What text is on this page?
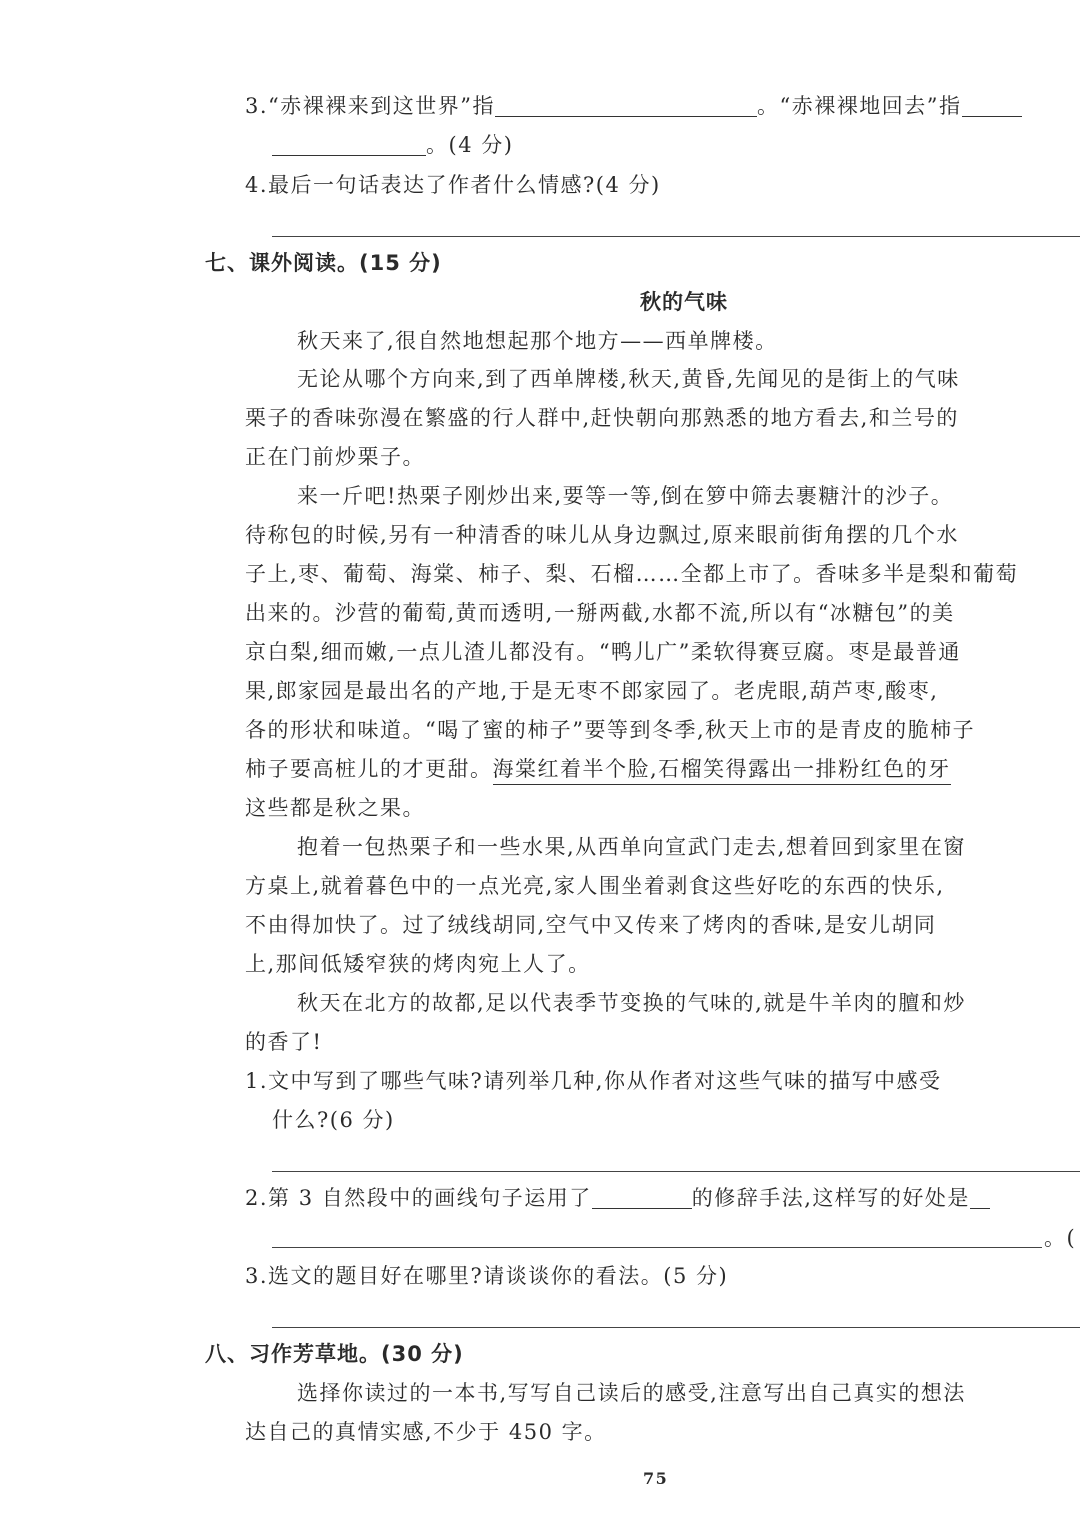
3.“赤裸裸来到这世界”指	。“赤裸裸地回去”指
。(4 分)
4.最后一句话表达了作者什么情感?(4 分)
七、课外阅读。(15 分)
秋的气味
秋天来了,很自然地想起那个地方——西单牌楼。
无论从哪个方向来,到了西单牌楼,秋天,黄昏,先闻见的是街上的气味
栗子的香味弥漫在繁盛的行人群中,赶快朝向那熟悉的地方看去,和兰号的
正在门前炒栗子。
来一斤吧!热栗子刚炒出来,要等一等,倒在箩中筛去裹糖汁的沙子。
待称包的时候,另有一种清香的味儿从身边飘过,原来眼前街角摆的几个水
子上,枣、葡萄、海棠、柿子、梨、石榴……全都上市了。香味多半是梨和葡萄
出来的。沙营的葡萄,黄而透明,一掰两截,水都不流,所以有“冰糖包”的美
京白梨,细而嫩,一点儿渣儿都没有。“鸭儿广”柔软得赛豆腐。枣是最普通
果,郎家园是最出名的产地,于是无枣不郎家园了。老虎眼,葫芦枣,酸枣,
各的形状和味道。“喝了蜜的柿子”要等到冬季,秋天上市的是青皮的脆柿子
柿子要高桩儿的才更甜。海棠红着半个脸,石榴笑得露出一排粉红色的牙
这些都是秋之果。
抱着一包热栗子和一些水果,从西单向宣武门走去,想着回到家里在窗
方桌上,就着暮色中的一点光亮,家人围坐着剥食这些好吃的东西的快乐,
不由得加快了。过了绒线胡同,空气中又传来了烤肉的香味,是安儿胡同
上,那间低矮窄狭的烤肉宛上人了。
秋天在北方的故都,足以代表季节变换的气味的,就是牛羊肉的膻和炒
的香了!
1.文中写到了哪些气味?请列举几种,你从作者对这些气味的描写中感受
什么?(6 分)
2.第 3 自然段中的画线句子运用了	的修辞手法,这样写的好处是
。(
3.选文的题目好在哪里?请谈谈你的看法。(5 分)
八、习作芳草地。(30 分)
选择你读过的一本书,写写自己读后的感受,注意写出自己真实的想法
达自己的真情实感,不少于 450 字。
75
